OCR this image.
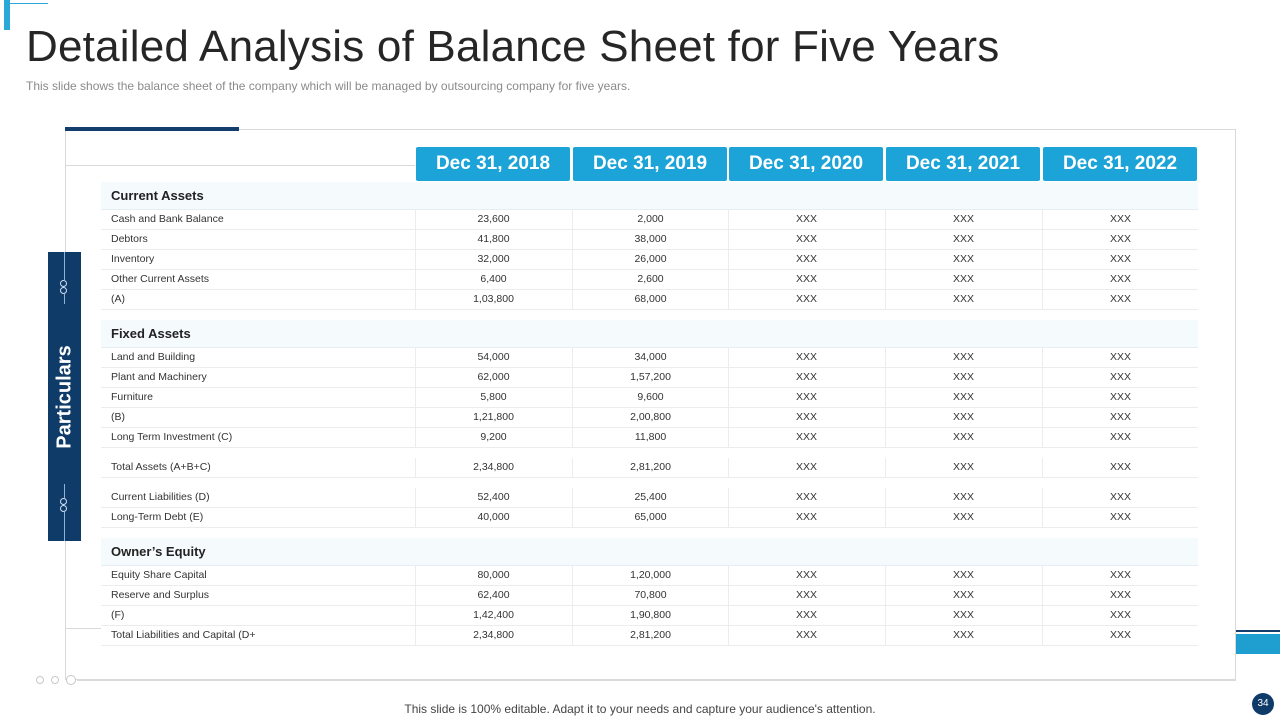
Detailed Analysis of Balance Sheet for Five Years
This slide shows the balance sheet of the company which will be managed by outsourcing company for five years.
Particulars
Dec 31, 2018	Dec 31, 2019	Dec 31, 2020	Dec 31, 2021	Dec 31, 2022
Current Assets
Cash and Bank Balance	23,600	2,000	XXX	XXX	XXX
Debtors	41,800	38,000	XXX	XXX	XXX
Inventory	32,000	26,000	XXX	XXX	XXX
Other Current Assets	6,400	2,600	XXX	XXX	XXX
(A)	1,03,800	68,000	XXX	XXX	XXX
Fixed Assets
Land and Building	54,000	34,000	XXX	XXX	XXX
Plant and Machinery	62,000	1,57,200	XXX	XXX	XXX
Furniture	5,800	9,600	XXX	XXX	XXX
(B)	1,21,800	2,00,800	XXX	XXX	XXX
Long Term Investment (C)	9,200	11,800	XXX	XXX	XXX
Total Assets (A+B+C)	2,34,800	2,81,200	XXX	XXX	XXX
Current Liabilities (D)	52,400	25,400	XXX	XXX	XXX
Long-Term Debt (E)	40,000	65,000	XXX	XXX	XXX
Owner’s Equity
Equity Share Capital	80,000	1,20,000	XXX	XXX	XXX
Reserve and Surplus	62,400	70,800	XXX	XXX	XXX
(F)	1,42,400	1,90,800	XXX	XXX	XXX
Total Liabilities and Capital (D+	2,34,800	2,81,200	XXX	XXX	XXX
This slide is 100% editable. Adapt it to your needs and capture your audience's attention.	34
